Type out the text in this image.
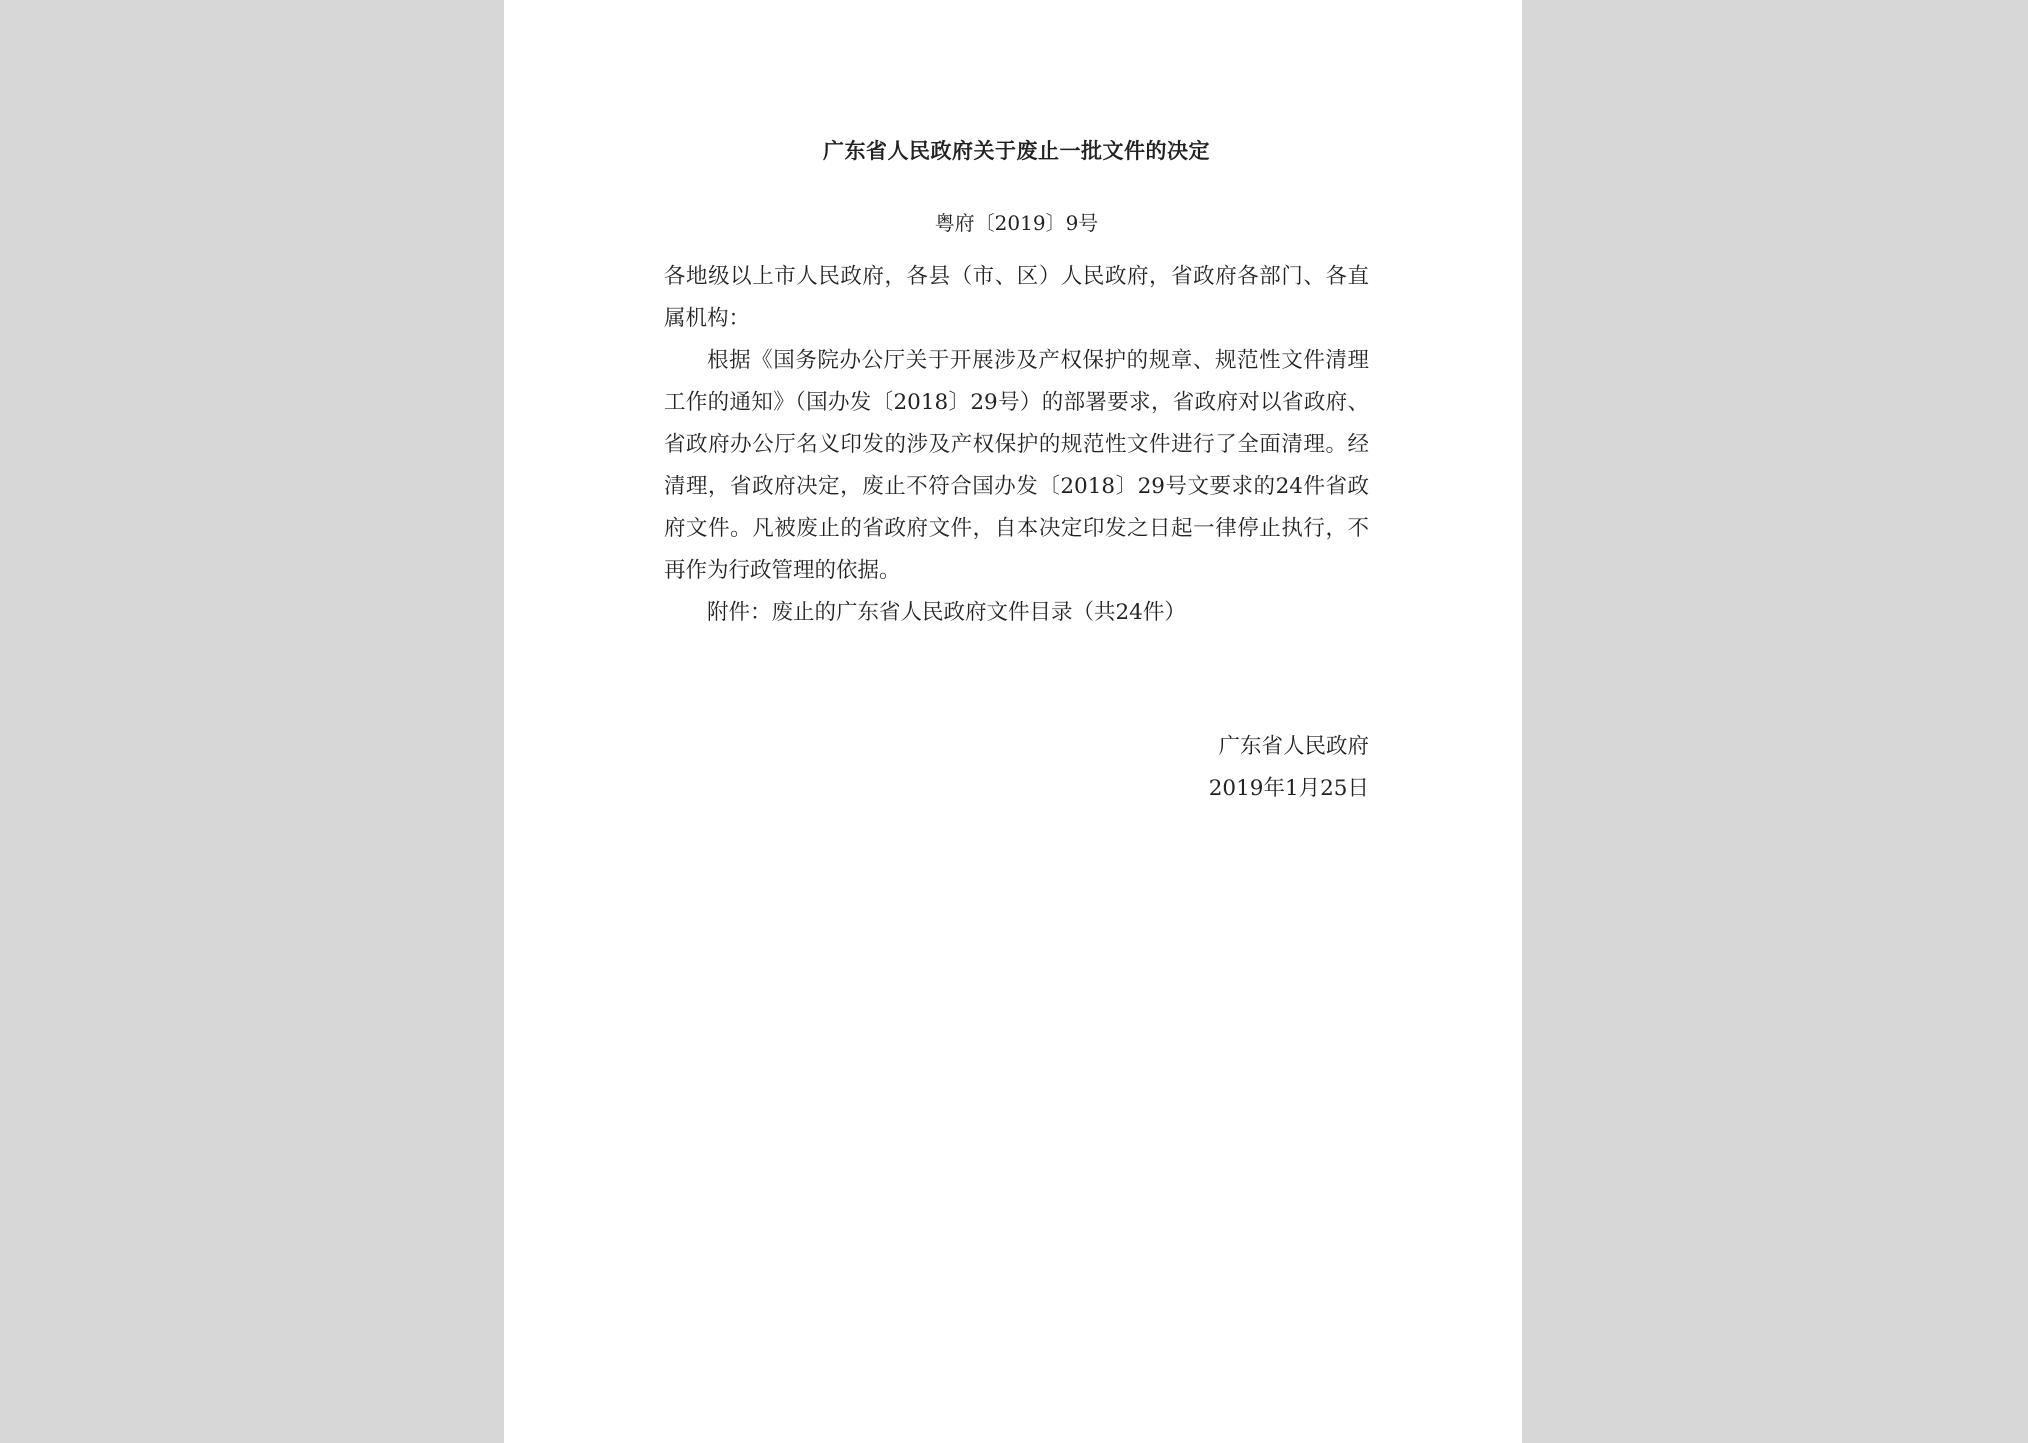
广东省人民政府关于废止一批文件的决定
粤府〔2019〕9号

各地级以上市人民政府，各县（市、区）人民政府，省政府各部门、各直属机构：

根据《国务院办公厅关于开展涉及产权保护的规章、规范性文件清理工作的通知》（国办发〔2018〕29号）的部署要求，省政府对以省政府、省政府办公厅名义印发的涉及产权保护的规范性文件进行了全面清理。经清理，省政府决定，废止不符合国办发〔2018〕29号文要求的24件省政府文件。凡被废止的省政府文件，自本决定印发之日起一律停止执行，不再作为行政管理的依据。

附件：废止的广东省人民政府文件目录（共24件）

广东省人民政府
2019年1月25日
